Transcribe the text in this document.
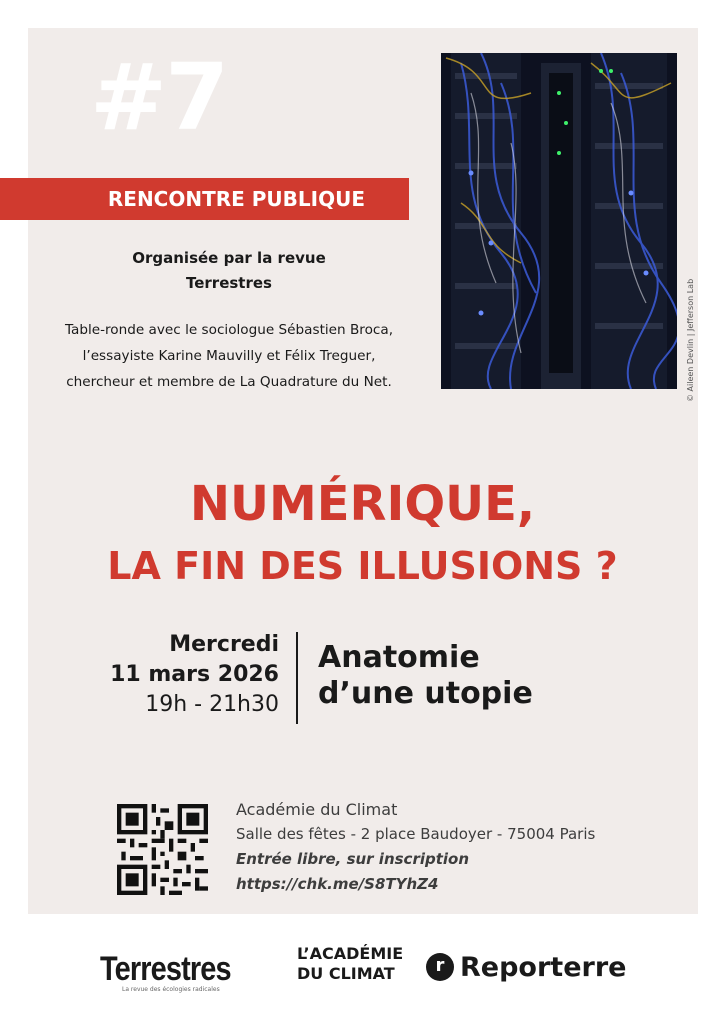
#7
RENCONTRE PUBLIQUE
Organisée par la revue
Terrestres
Table-ronde avec le sociologue Sébastien Broca,
l’essayiste Karine Mauvilly et Félix Treguer,
chercheur et membre de La Quadrature du Net.	© Aileen Devlin | Jefferson Lab
NUMÉRIQUE,
LA FIN DES ILLUSIONS ?
Mercredi
11 mars 2026
19h - 21h30
Anatomie
d’une utopie
Académie du Climat
Salle des fêtes - 2 place Baudoyer - 75004 Paris
Entrée libre, sur inscription
https://chk.me/S8TYhZ4
Terrestres
La revue des écologies radicales
L’ACADÉMIE
DU CLIMAT	r Reporterre
